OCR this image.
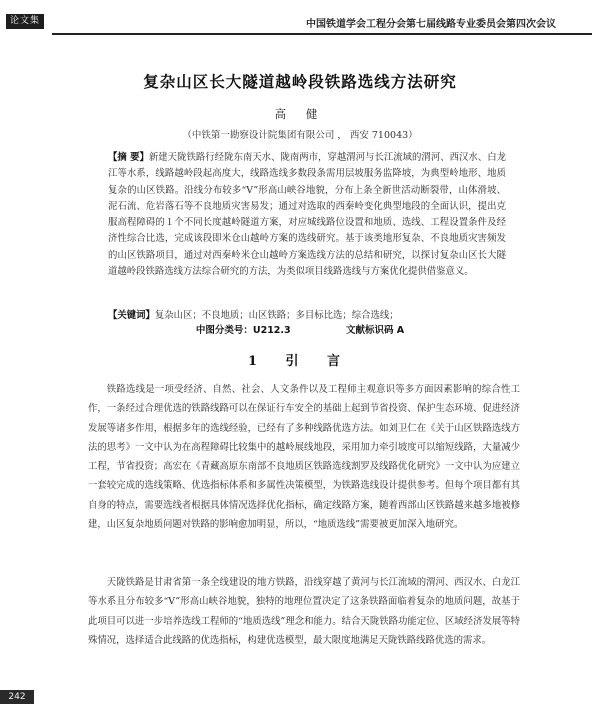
论文集	中国铁道学会工程分会第七届线路专业委员会第四次会议
复杂山区长大隧道越岭段铁路选线方法研究
高 健
（中铁第一勘察设计院集团有限公司 ， 西安 710043）
【摘 要】新建天陇铁路行经陇东南天水、陇南两市，穿越渭河与长江流域的渭河、西汉水、白龙江等水系，线路越岭段起高度大，线路选线多数段条需用层坡服务监降坡，为典型岭地形、地质复杂的山区铁路。沿线分布较多“V”形高山峡谷地貌，分布上条全新世活动断裂带，山体滑坡、泥石流、危岩落石等不良地质灾害易发；通过对选取的西秦岭变化典型地段的全面认识，提出克服高程障碍的１个不同长度越岭隧道方案，对应城线路位设置和地质、选线、工程设置条件及经济性综合比选，完成该段即米仓山越岭方案的选线研究。基于该类地形复杂、不良地质灾害频发的山区铁路项目，通过对西秦岭米仓山越岭方案选线方法的总结和研究，以探讨复杂山区长大隧道越岭段铁路选线方法综合研究的方法，为类似项目线路选线与方案优化提供借鉴意义。
【关键词】复杂山区；不良地质；山区铁路；多目标比选；综合选线；
中图分类号：U212.3	文献标识码 A
1 引 言
铁路选线是一项受经济、自然、社会、人文条件以及工程师主观意识等多方面因素影响的综合性工作，一条经过合理优选的铁路线路可以在保证行车安全的基础上起到节省投资、保护生态环境、促进经济发展等诸多作用，根据多年的选线经验，已经有了多种线路优选方法。如刘卫仁在《关于山区铁路选线方法的思考》一文中认为在高程障碍比较集中的越岭展线地段，采用加力牵引坡度可以缩短线路，大量减少工程，节省投资；高宏在《青藏高原东南部不良地质区铁路选线割罗及线路优化研究》一文中认为应建立一套较完成的选线策略、优选指标体系和多属性决策模型，为铁路选线设计提供参考。但每个项目都有其自身的特点，需要选线者根据具体情况选择优化指标，确定线路方案，随着西部山区铁路越来越多地被修建，山区复杂地质问题对铁路的影响愈加明显，所以，“地质选线”需要被更加深入地研究。
天陇铁路是甘肃省第一条全线建设的地方铁路，沿线穿越了黄河与长江流域的渭河、西汉水、白龙江等水系且分布较多“V”形高山峡谷地貌，独特的地理位置决定了这条铁路面临着复杂的地质问题，故基于此项目可以进一步培养选线工程师的“地质选线”理念和能力。结合天陇铁路功能定位、区域经济发展等特殊情况，选择适合此线路的优选指标，构建优选模型，最大限度地满足天陇铁路线路优选的需求。
242
